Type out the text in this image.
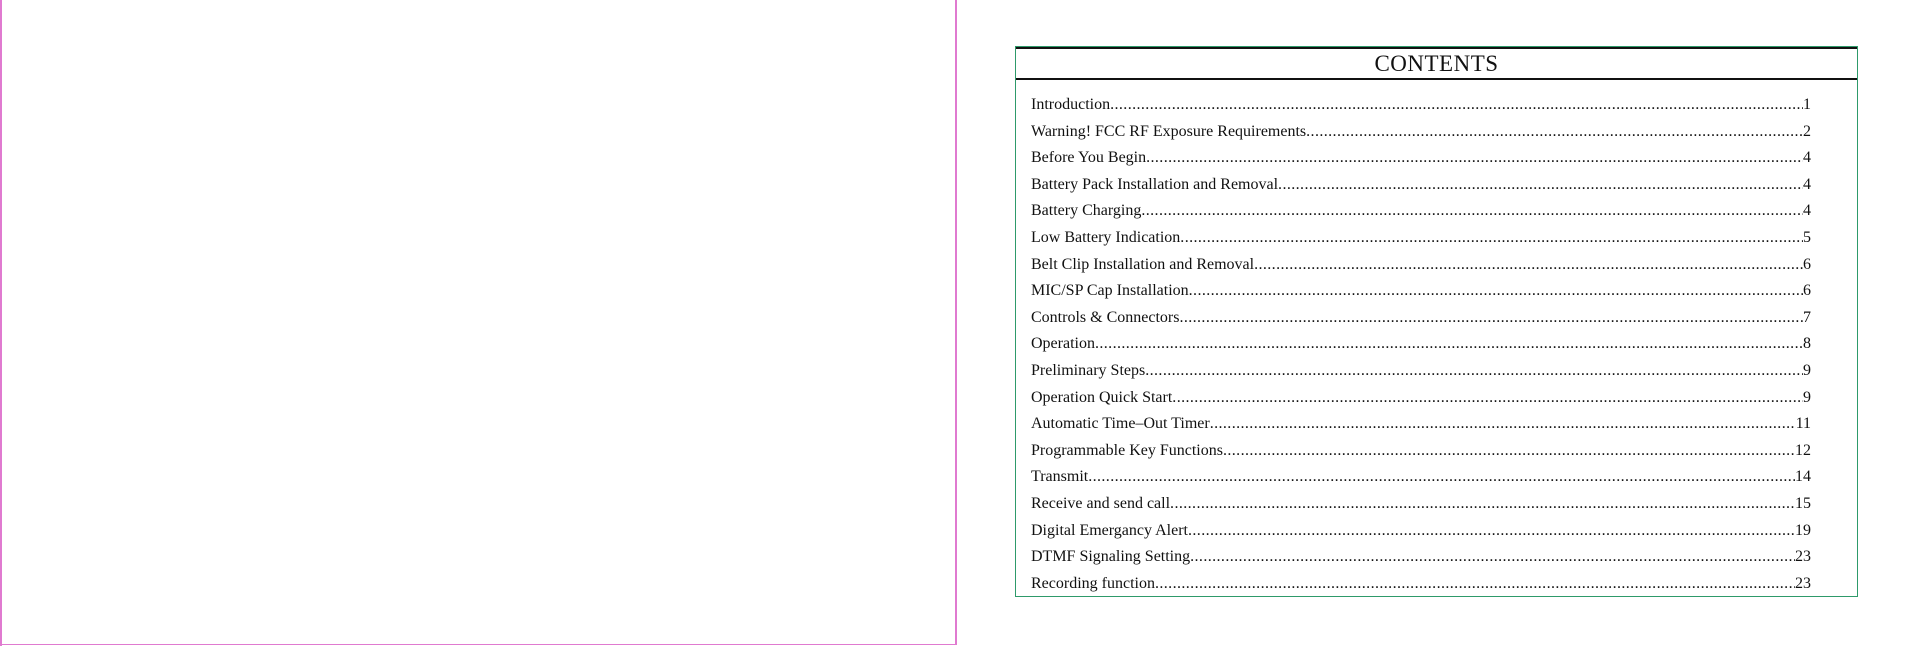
CONTENTS
Introduction .....	1
Warning! FCC RF Exposure Requirements .....	2
Before You Begin .....	4
Battery Pack Installation and Removal .....	4
Battery Charging .....	4
Low Battery Indication .....	5
Belt Clip Installation and Removal .....	6
MIC/SP Cap Installation .....	6
Controls & Connectors .....	7
Operation .....	8
Preliminary Steps .....	9
Operation Quick Start .....	9
Automatic Time–Out Timer .....	11
Programmable Key Functions .....	12
Transmit .....	14
Receive and send call .....	15
Digital Emergancy Alert .....	19
DTMF Signaling Setting .....	23
Recording function .....	23
